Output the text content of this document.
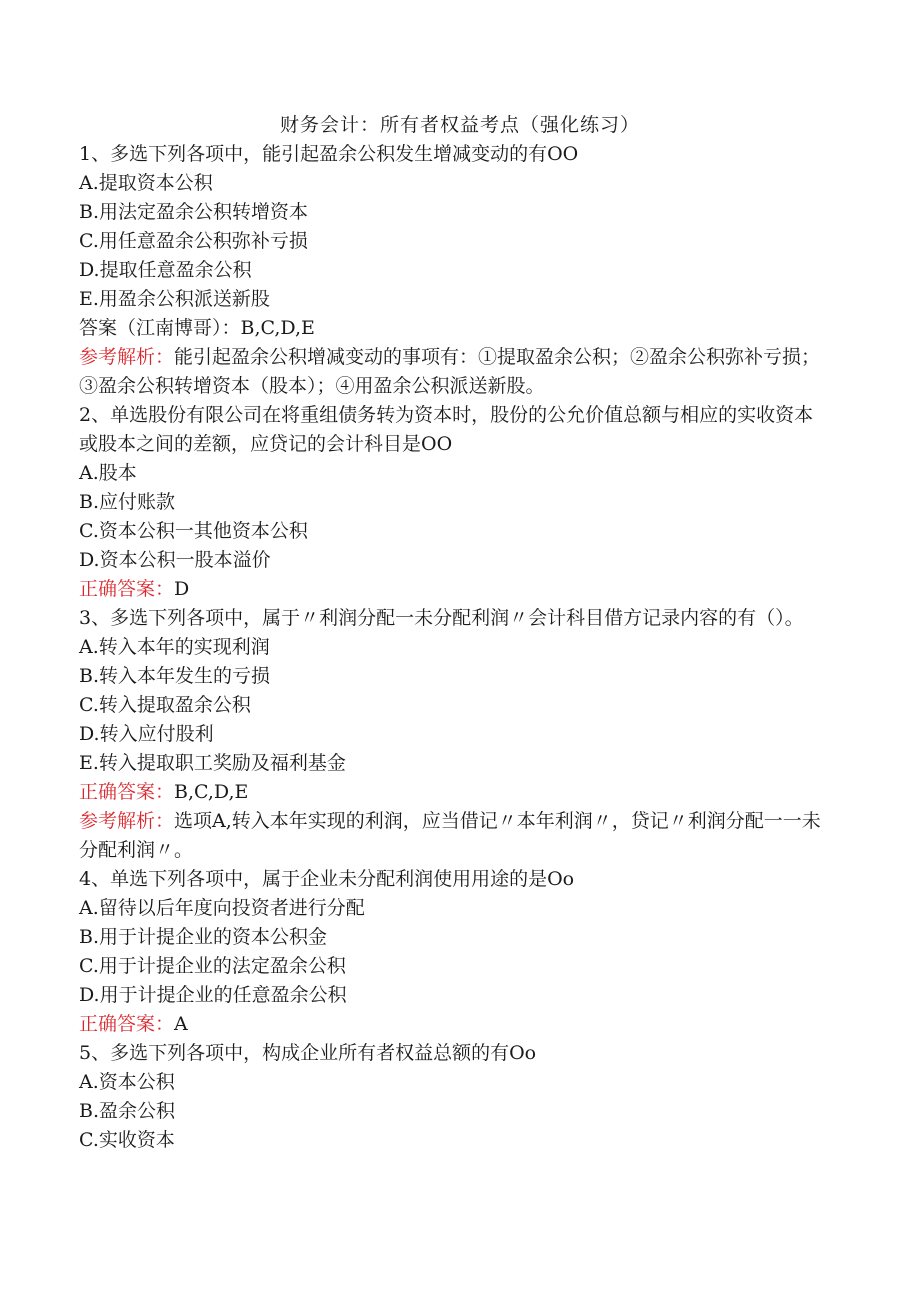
财务会计：所有者权益考点（强化练习）
1、多选下列各项中，能引起盈余公积发生增减变动的有OO
A.提取资本公积
B.用法定盈余公积转增资本
C.用任意盈余公积弥补亏损
D.提取任意盈余公积
E.用盈余公积派送新股
答案（江南博哥）：B,C,D,E
参考解析：能引起盈余公积增减变动的事项有：①提取盈余公积；②盈余公积弥补亏损；③盈余公积转增资本（股本）；④用盈余公积派送新股。
2、单选股份有限公司在将重组债务转为资本时，股份的公允价值总额与相应的实收资本或股本之间的差额，应贷记的会计科目是OO
A.股本
B.应付账款
C.资本公积一其他资本公积
D.资本公积一股本溢价
正确答案：D
3、多选下列各项中，属于〃利润分配一未分配利润〃会计科目借方记录内容的有（）。
A.转入本年的实现利润
B.转入本年发生的亏损
C.转入提取盈余公积
D.转入应付股利
E.转入提取职工奖励及福利基金
正确答案：B,C,D,E
参考解析：选项A,转入本年实现的利润，应当借记〃本年利润〃，贷记〃利润分配一一未分配利润〃。
4、单选下列各项中，属于企业未分配利润使用用途的是Oo
A.留待以后年度向投资者进行分配
B.用于计提企业的资本公积金
C.用于计提企业的法定盈余公积
D.用于计提企业的任意盈余公积
正确答案：A
5、多选下列各项中，构成企业所有者权益总额的有Oo
A.资本公积
B.盈余公积
C.实收资本
